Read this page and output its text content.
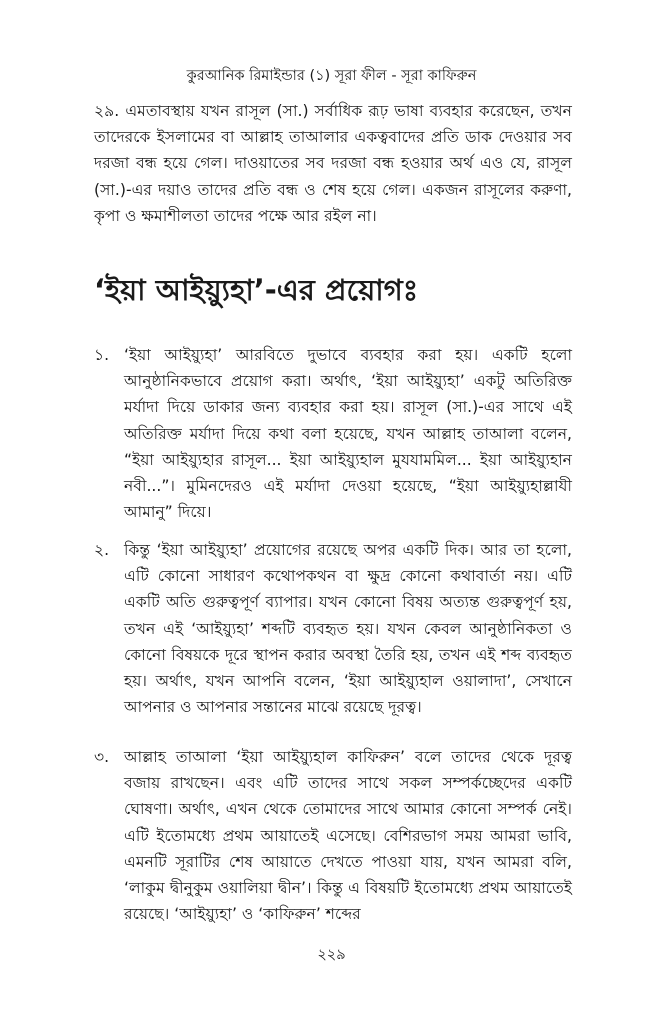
কুরআনিক রিমাইন্ডার (১) সূরা ফীল - সূরা কাফিরুন

২৯. এমতাবস্থায় যখন রাসূল (সা.) সর্বাধিক রূঢ় ভাষা ব্যবহার করেছেন, তখন তাদেরকে ইসলামের বা আল্লাহ তাআলার একত্ববাদের প্রতি ডাক দেওয়ার সব দরজা বন্ধ হয়ে গেল। দাওয়াতের সব দরজা বন্ধ হওয়ার অর্থ এও যে, রাসূল (সা.)-এর দয়াও তাদের প্রতি বন্ধ ও শেষ হয়ে গেল। একজন রাসূলের করুণা, কৃপা ও ক্ষমাশীলতা তাদের পক্ষে আর রইল না।

‘ইয়া আইয়্যুহা’-এর প্রয়োগঃ
১. ‘ইয়া আইয়্যুহা’ আরবিতে দুভাবে ব্যবহার করা হয়। একটি হলো আনুষ্ঠানিকভাবে প্রয়োগ করা। অর্থাৎ, ‘ইয়া আইয়্যুহা’ একটু অতিরিক্ত মর্যাদা দিয়ে ডাকার জন্য ব্যবহার করা হয়। রাসূল (সা.)-এর সাথে এই অতিরিক্ত মর্যাদা দিয়ে কথা বলা হয়েছে, যখন আল্লাহ তাআলা বলেন, “ইয়া আইয়্যুহার রাসূল... ইয়া আইয়্যুহাল মুযযামমিল... ইয়া আইয়্যুহান নবী...”। মুমিনদেরও এই মর্যাদা দেওয়া হয়েছে, “ইয়া আইয়্যুহাল্লাযী আমানু” দিয়ে।

২. কিন্তু ‘ইয়া আইয়্যুহা’ প্রয়োগের রয়েছে অপর একটি দিক। আর তা হলো, এটি কোনো সাধারণ কথোপকথন বা ক্ষুদ্র কোনো কথাবার্তা নয়। এটি একটি অতি গুরুত্বপূর্ণ ব্যাপার। যখন কোনো বিষয় অত্যন্ত গুরুত্বপূর্ণ হয়, তখন এই ‘আইয়্যুহা’ শব্দটি ব্যবহৃত হয়। যখন কেবল আনুষ্ঠানিকতা ও কোনো বিষয়কে দূরে স্থাপন করার অবস্থা তৈরি হয়, তখন এই শব্দ ব্যবহৃত হয়। অর্থাৎ, যখন আপনি বলেন, ‘ইয়া আইয়্যুহাল ওয়ালাদা’, সেখানে আপনার ও আপনার সন্তানের মাঝে রয়েছে দূরত্ব।

৩. আল্লাহ তাআলা ‘ইয়া আইয়্যুহাল কাফিরুন’ বলে তাদের থেকে দূরত্ব বজায় রাখছেন। এবং এটি তাদের সাথে সকল সম্পর্কচ্ছেদের একটি ঘোষণা। অর্থাৎ, এখন থেকে তোমাদের সাথে আমার কোনো সম্পর্ক নেই। এটি ইতোমধ্যে প্রথম আয়াতেই এসেছে। বেশিরভাগ সময় আমরা ভাবি, এমনটি সূরাটির শেষ আয়াতে দেখতে পাওয়া যায়, যখন আমরা বলি, ‘লাকুম দ্বীনুকুম ওয়ালিয়া দ্বীন’। কিন্তু এ বিষয়টি ইতোমধ্যে প্রথম আয়াতেই রয়েছে। ‘আইয়্যুহা’ ও ‘কাফিরুন’ শব্দের

২২৯
